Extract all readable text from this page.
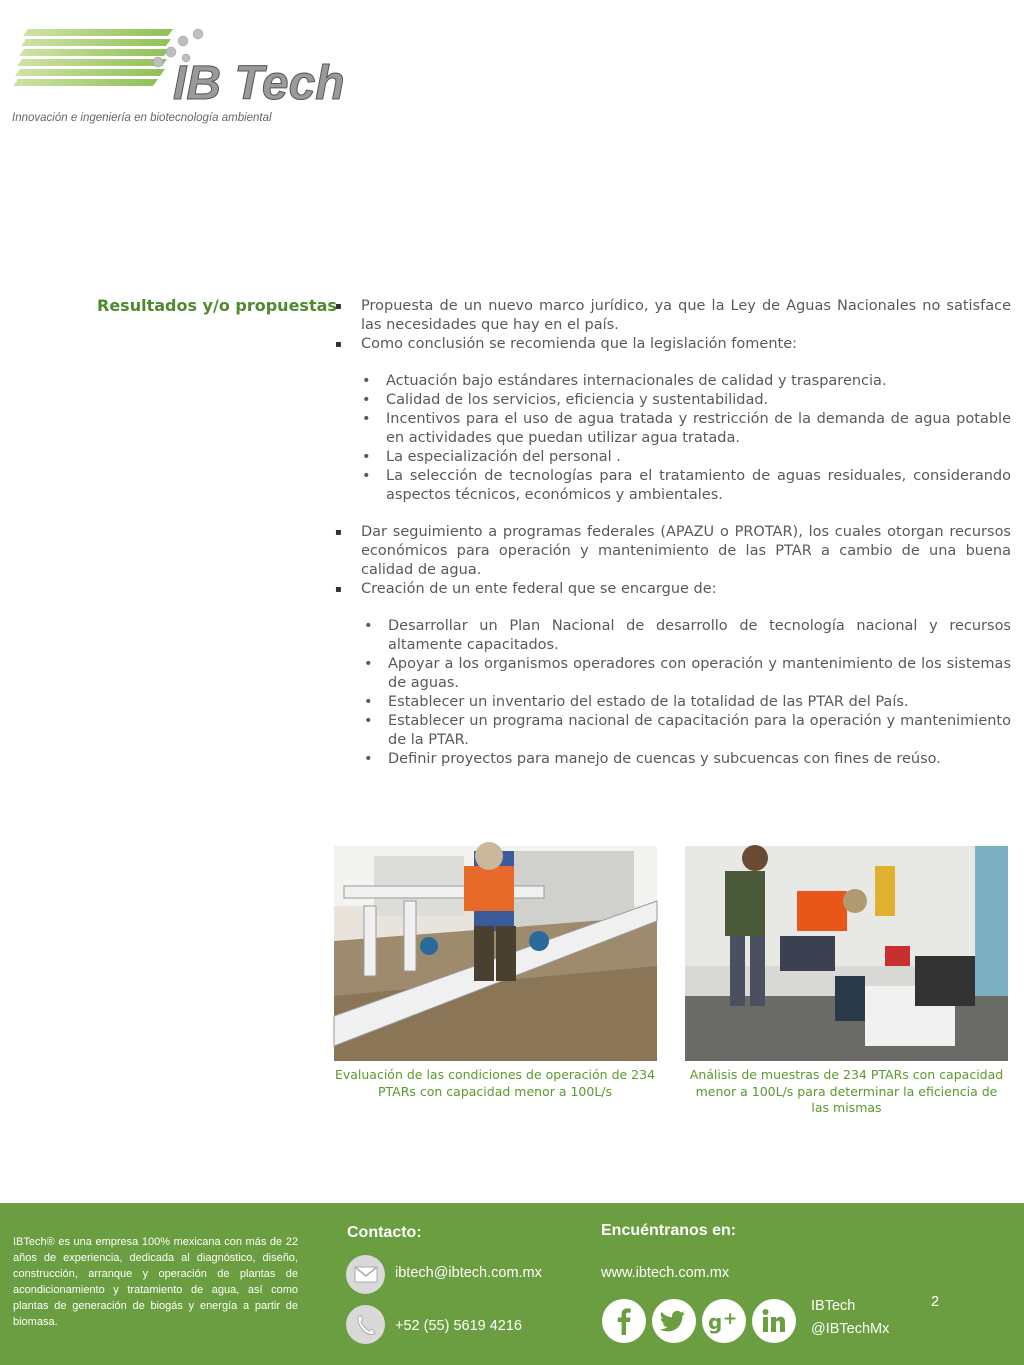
IB Tech
Innovación e ingeniería en biotecnología ambiental
Resultados y/o propuestas

▪ Propuesta de un nuevo marco jurídico, ya que la Ley de Aguas Nacionales no satisface las necesidades que hay en el país.

▪ Como conclusión se recomienda que la legislación fomente:

• Actuación bajo estándares internacionales de calidad y trasparencia.
• Calidad de los servicios, eficiencia y sustentabilidad.
• Incentivos para el uso de agua tratada y restricción de la demanda de agua potable en actividades que puedan utilizar agua tratada.
• La especialización del personal .
• La selección de tecnologías para el tratamiento de aguas residuales, considerando aspectos técnicos, económicos y ambientales.

▪ Dar seguimiento a programas federales (APAZU o PROTAR), los cuales otorgan recursos económicos para operación y mantenimiento de las PTAR a cambio de una buena calidad de agua.

▪ Creación de un ente federal que se encargue de:

• Desarrollar un Plan Nacional de desarrollo de tecnología nacional y recursos altamente capacitados.
• Apoyar a los organismos operadores con operación y mantenimiento de los sistemas de aguas.
• Establecer un inventario del estado de la totalidad de las PTAR del País.
• Establecer un programa nacional de capacitación para la operación y mantenimiento de la PTAR.
• Definir proyectos para manejo de cuencas y subcuencas con fines de reúso.
Evaluación de las condiciones de operación de 234 PTARs con capacidad menor a 100L/s
Análisis de muestras de 234 PTARs con capacidad menor a 100L/s para determinar la eficiencia de las mismas
IBTech® es una empresa 100% mexicana con más de 22 años de experiencia, dedicada al diagnóstico, diseño, construcción, arranque y operación de plantas de acondicionamiento y tratamiento de agua, así como plantas de generación de biogás y energía a partir de biomasa.
Contacto:
ibtech@ibtech.com.mx
+52 (55) 5619 4216
Encuéntranos en:
www.ibtech.com.mx
g +
IBTech
@IBTechMx
2
